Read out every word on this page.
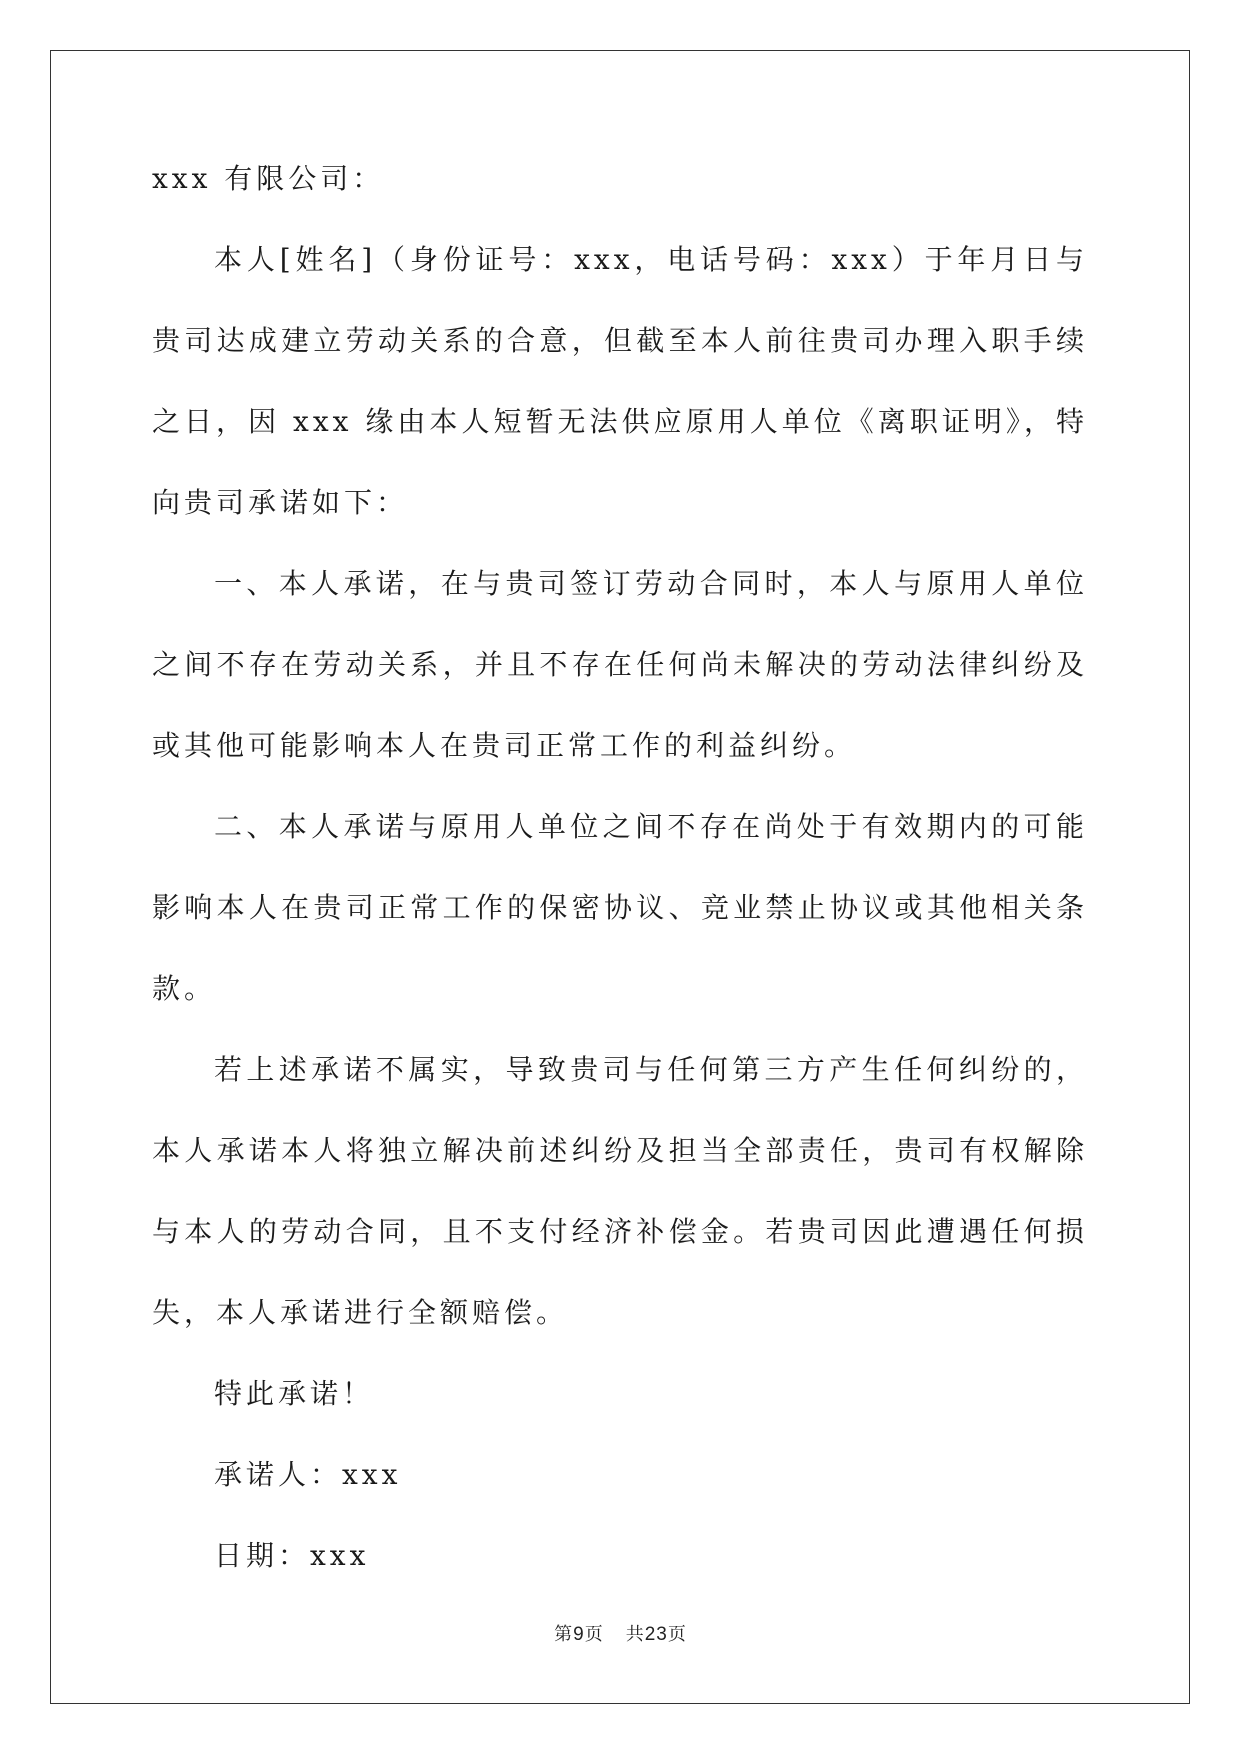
xxx 有限公司：

本人[姓名]（身份证号：xxx，电话号码：xxx）于年月日与贵司达成建立劳动关系的合意，但截至本人前往贵司办理入职手续之日，因 xxx 缘由本人短暂无法供应原用人单位《离职证明》，特向贵司承诺如下：

一、本人承诺，在与贵司签订劳动合同时，本人与原用人单位之间不存在劳动关系，并且不存在任何尚未解决的劳动法律纠纷及或其他可能影响本人在贵司正常工作的利益纠纷。

二、本人承诺与原用人单位之间不存在尚处于有效期内的可能影响本人在贵司正常工作的保密协议、竞业禁止协议或其他相关条款。

若上述承诺不属实，导致贵司与任何第三方产生任何纠纷的，本人承诺本人将独立解决前述纠纷及担当全部责任，贵司有权解除与本人的劳动合同，且不支付经济补偿金。若贵司因此遭遇任何损失，本人承诺进行全额赔偿。

特此承诺！

承诺人：xxx

日期：xxx

第9页 共23页
